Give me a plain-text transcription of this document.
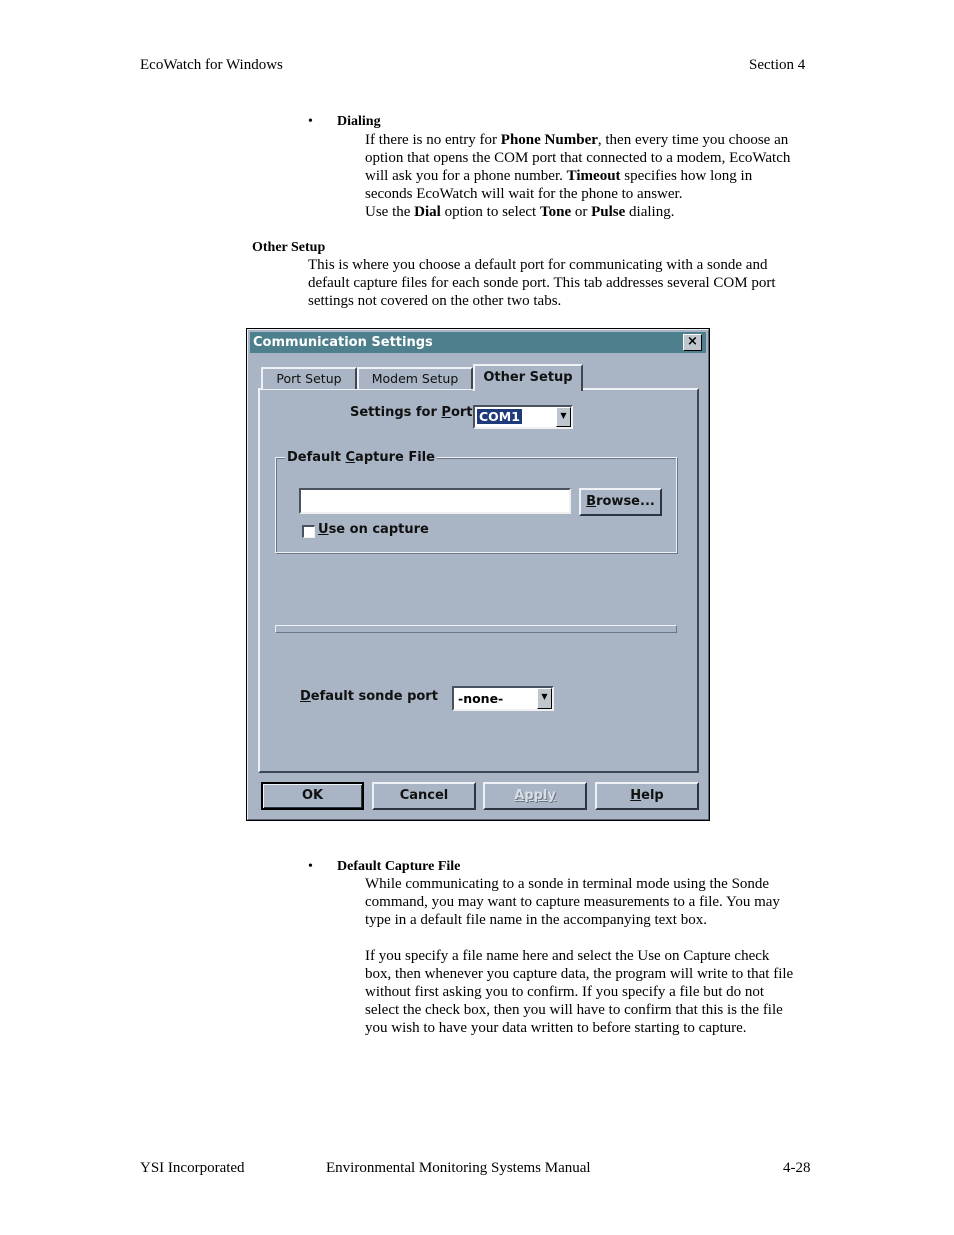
EcoWatch for Windows	Section 4
• Dialing
If there is no entry for Phone Number, then every time you choose an
option that opens the COM port that connected to a modem, EcoWatch
will ask you for a phone number. Timeout specifies how long in
seconds EcoWatch will wait for the phone to answer.
Use the Dial option to select Tone or Pulse dialing.
Other Setup
This is where you choose a default port for communicating with a sonde and
default capture files for each sonde port. This tab addresses several COM port
settings not covered on the other two tabs.
Communication Settings	×
Port Setup	Modem Setup	Other Setup
Settings for Port COM1	▼
Default Capture File
Browse...
Use on capture
Default sonde port -none-	▼
OK	Cancel	Apply	Help
• Default Capture File
While communicating to a sonde in terminal mode using the Sonde
command, you may want to capture measurements to a file. You may
type in a default file name in the accompanying text box.
If you specify a file name here and select the Use on Capture check
box, then whenever you capture data, the program will write to that file
without first asking you to confirm. If you specify a file but do not
select the check box, then you will have to confirm that this is the file
you wish to have your data written to before starting to capture.
YSI Incorporated	Environmental Monitoring Systems Manual	4-28
